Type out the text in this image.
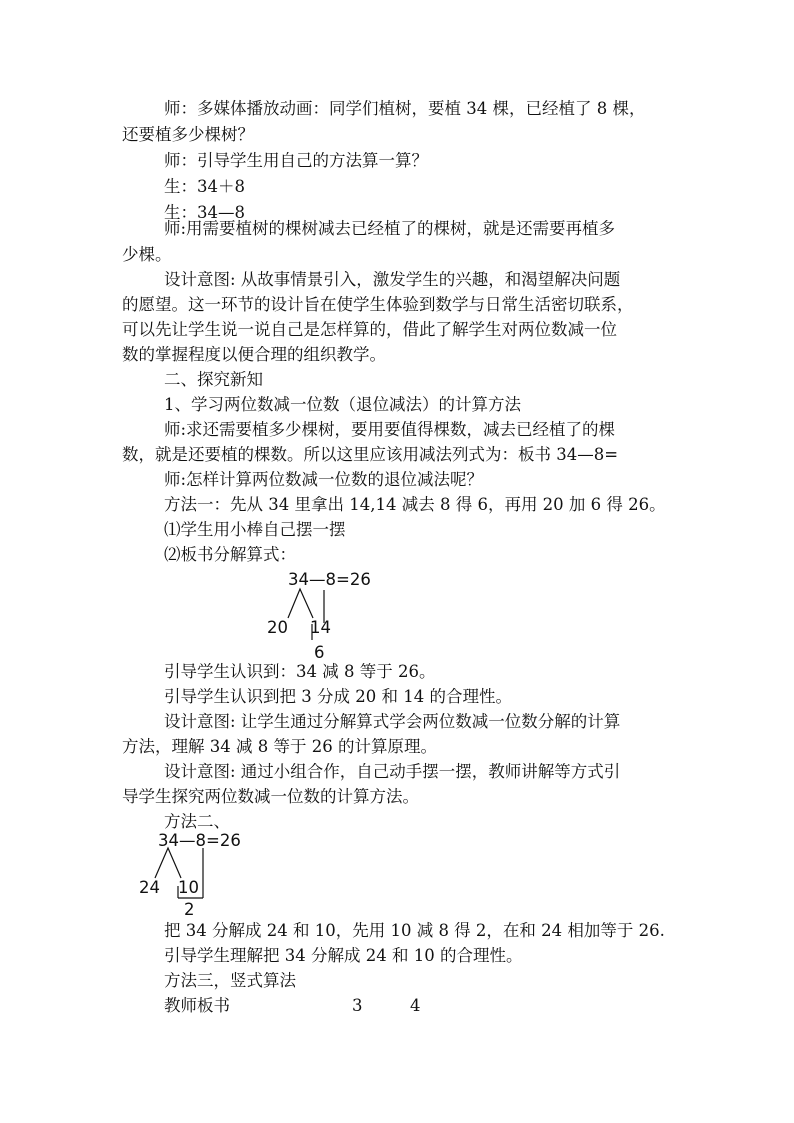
师：多媒体播放动画：同学们植树，要植 34 棵，已经植了 8 棵，
还要植多少棵树？
师：引导学生用自己的方法算一算？
生：34＋8
生：34—8
师:用需要植树的棵树减去已经植了的棵树，就是还需要再植多
少棵。
设计意图: 从故事情景引入，激发学生的兴趣，和渴望解决问题
的愿望。这一环节的设计旨在使学生体验到数学与日常生活密切联系，
可以先让学生说一说自己是怎样算的，借此了解学生对两位数减一位
数的掌握程度以便合理的组织教学。
二、探究新知
1、学习两位数减一位数（退位减法）的计算方法
师:求还需要植多少棵树，要用要值得棵数，减去已经植了的棵
数，就是还要植的棵数。所以这里应该用减法列式为：板书 34—8=
师:怎样计算两位数减一位数的退位减法呢？
方法一：先从 34 里拿出 14,14 减去 8 得 6，再用 20 加 6 得 26。
⑴学生用小棒自己摆一摆
⑵板书分解算式：
34—8=26
20 14
6
引导学生认识到：34 减 8 等于 26。
引导学生认识到把 3 分成 20 和 14 的合理性。
设计意图: 让学生通过分解算式学会两位数减一位数分解的计算
方法，理解 34 减 8 等于 26 的计算原理。
设计意图: 通过小组合作，自己动手摆一摆，教师讲解等方式引
导学生探究两位数减一位数的计算方法。
方法二、
34—8=26
24 10
2
把 34 分解成 24 和 10，先用 10 减 8 得 2，在和 24 相加等于 26.
引导学生理解把 34 分解成 24 和 10 的合理性。
方法三，竖式算法
教师板书	3	4
